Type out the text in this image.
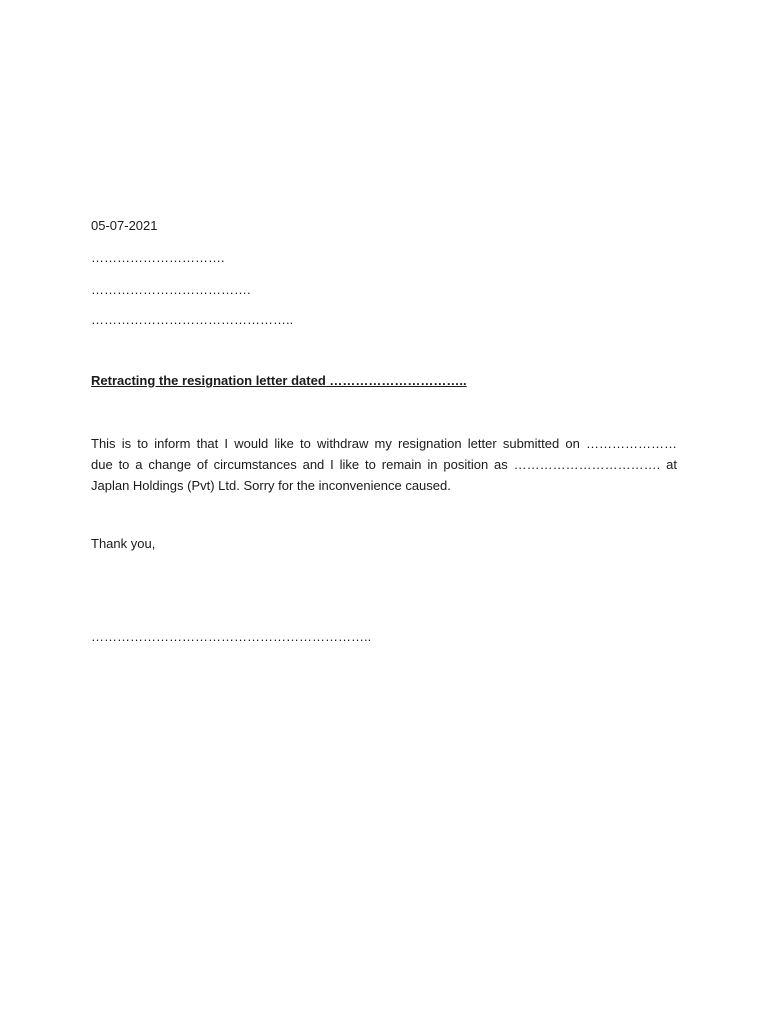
05-07-2021
………………………….
……………………………….
………………………………………..
Retracting the resignation letter dated …………………………..
This is to inform that I would like to withdraw my resignation letter submitted on …………………
due to a change of circumstances and I like to remain in position as ……………………………. at
Japlan Holdings (Pvt) Ltd. Sorry for the inconvenience caused.
Thank you,
………………………………………………………..
